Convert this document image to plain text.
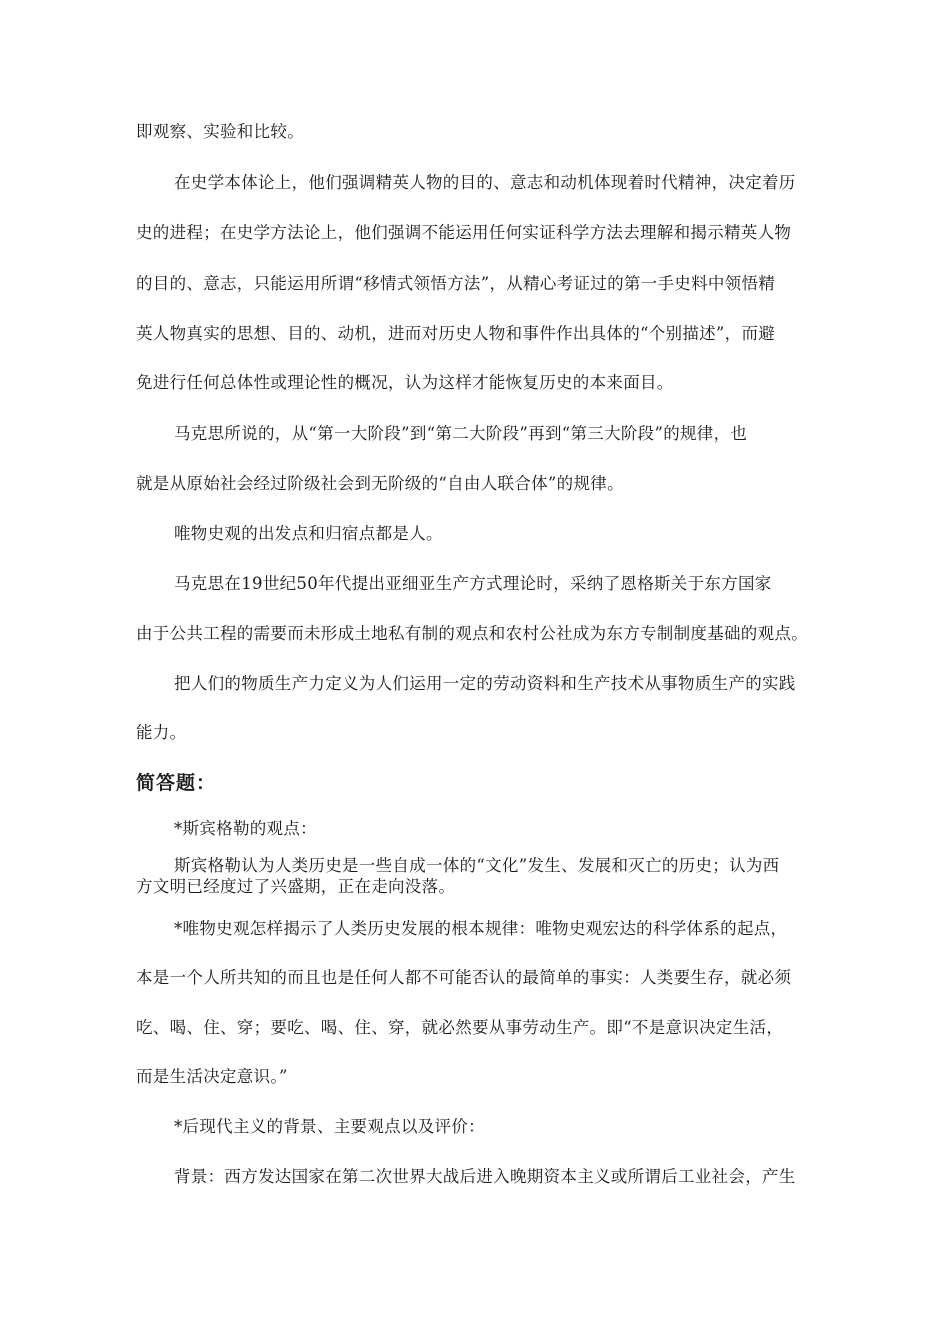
即观察、实验和比较。
在史学本体论上，他们强调精英人物的目的、意志和动机体现着时代精神，决定着历
史的进程；在史学方法论上，他们强调不能运用任何实证科学方法去理解和揭示精英人物
的目的、意志，只能运用所谓“移情式领悟方法”，从精心考证过的第一手史料中领悟精
英人物真实的思想、目的、动机，进而对历史人物和事件作出具体的“个别描述”，而避
免进行任何总体性或理论性的概况，认为这样才能恢复历史的本来面目。
马克思所说的，从“第一大阶段”到“第二大阶段”再到“第三大阶段”的规律，也
就是从原始社会经过阶级社会到无阶级的“自由人联合体”的规律。
唯物史观的出发点和归宿点都是人。
马克思在19世纪50年代提出亚细亚生产方式理论时，采纳了恩格斯关于东方国家
由于公共工程的需要而未形成土地私有制的观点和农村公社成为东方专制制度基础的观点。
把人们的物质生产力定义为人们运用一定的劳动资料和生产技术从事物质生产的实践
能力。
简答题：
*斯宾格勒的观点：
斯宾格勒认为人类历史是一些自成一体的“文化”发生、发展和灭亡的历史；认为西
方文明已经度过了兴盛期，正在走向没落。
*唯物史观怎样揭示了人类历史发展的根本规律：唯物史观宏达的科学体系的起点，
本是一个人所共知的而且也是任何人都不可能否认的最简单的事实：人类要生存，就必须
吃、喝、住、穿；要吃、喝、住、穿，就必然要从事劳动生产。即“不是意识决定生活，
而是生活决定意识。”
*后现代主义的背景、主要观点以及评价：
背景：西方发达国家在第二次世界大战后进入晚期资本主义或所谓后工业社会，产生
